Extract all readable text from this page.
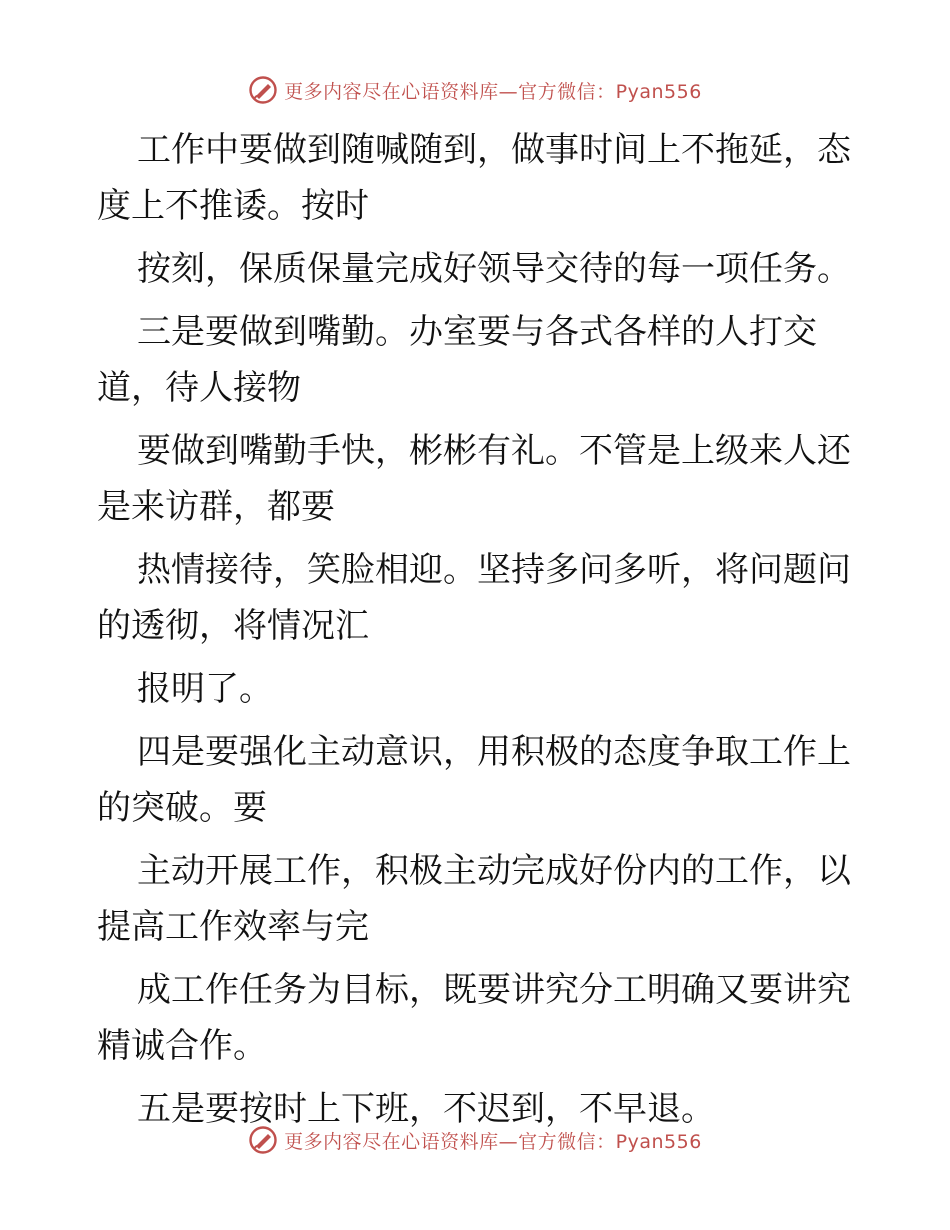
更多内容尽在心语资料库—官方微信：Pyan556

工作中要做到随喊随到，做事时间上不拖延，态度上不推诿。按时

按刻，保质保量完成好领导交待的每一项任务。

三是要做到嘴勤。办室要与各式各样的人打交道，待人接物

要做到嘴勤手快，彬彬有礼。不管是上级来人还是来访群，都要

热情接待，笑脸相迎。坚持多问多听，将问题问的透彻，将情况汇

报明了。

四是要强化主动意识，用积极的态度争取工作上的突破。要

主动开展工作，积极主动完成好份内的工作，以提高工作效率与完

成工作任务为目标，既要讲究分工明确又要讲究精诚合作。

五是要按时上下班，不迟到，不早退。

更多内容尽在心语资料库—官方微信：Pyan556
